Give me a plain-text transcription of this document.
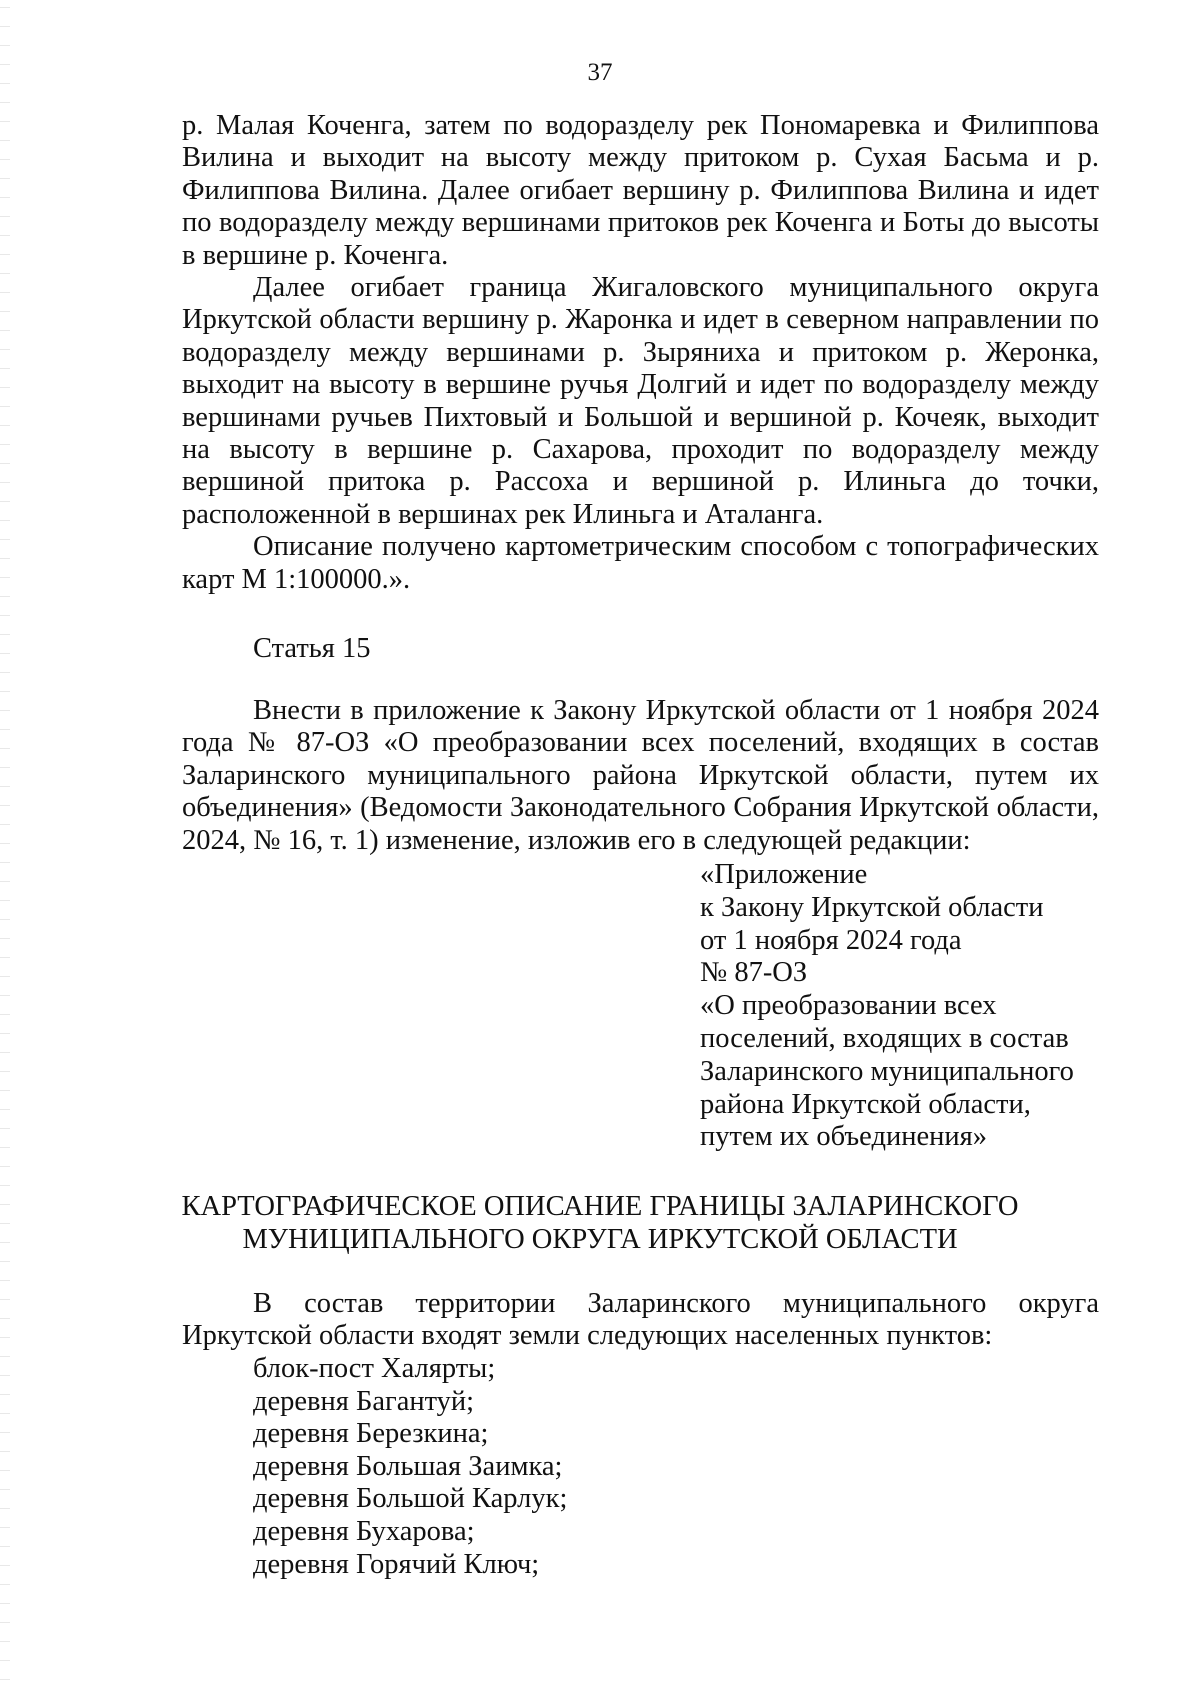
37

р. Малая Коченга, затем по водоразделу рек Пономаревка и Филиппова Вилина и выходит на высоту между притоком р. Сухая Басьма и р. Филиппова Вилина. Далее огибает вершину р. Филиппова Вилина и идет по водоразделу между вершинами притоков рек Коченга и Боты до высоты в вершине р. Коченга.

Далее огибает граница Жигаловского муниципального округа Иркутской области вершину р. Жаронка и идет в северном направлении по водоразделу между вершинами р. Зыряниха и притоком р. Жеронка, выходит на высоту в вершине ручья Долгий и идет по водоразделу между вершинами ручьев Пихтовый и Большой и вершиной р. Кочеяк, выходит на высоту в вершине р. Сахарова, проходит по водоразделу между вершиной притока р. Рассоха и вершиной р. Илиньга до точки, расположенной в вершинах рек Илиньга и Аталанга.

Описание получено картометрическим способом с топографических карт М 1:100000.».

Статья 15

Внести в приложение к Закону Иркутской области от 1 ноября 2024 года № 87-ОЗ «О преобразовании всех поселений, входящих в состав Заларинского муниципального района Иркутской области, путем их объединения» (Ведомости Законодательного Собрания Иркутской области, 2024, № 16, т. 1) изменение, изложив его в следующей редакции:

«Приложение
к Закону Иркутской области
от 1 ноября 2024 года
№ 87-ОЗ
«О преобразовании всех
поселений, входящих в состав
Заларинского муниципального
района Иркутской области,
путем их объединения»
КАРТОГРАФИЧЕСКОЕ ОПИСАНИЕ ГРАНИЦЫ ЗАЛАРИНСКОГО
МУНИЦИПАЛЬНОГО ОКРУГА ИРКУТСКОЙ ОБЛАСТИ

В состав территории Заларинского муниципального округа Иркутской области входят земли следующих населенных пунктов:

блок-пост Халярты;
деревня Багантуй;
деревня Березкина;
деревня Большая Заимка;
деревня Большой Карлук;
деревня Бухарова;
деревня Горячий Ключ;
